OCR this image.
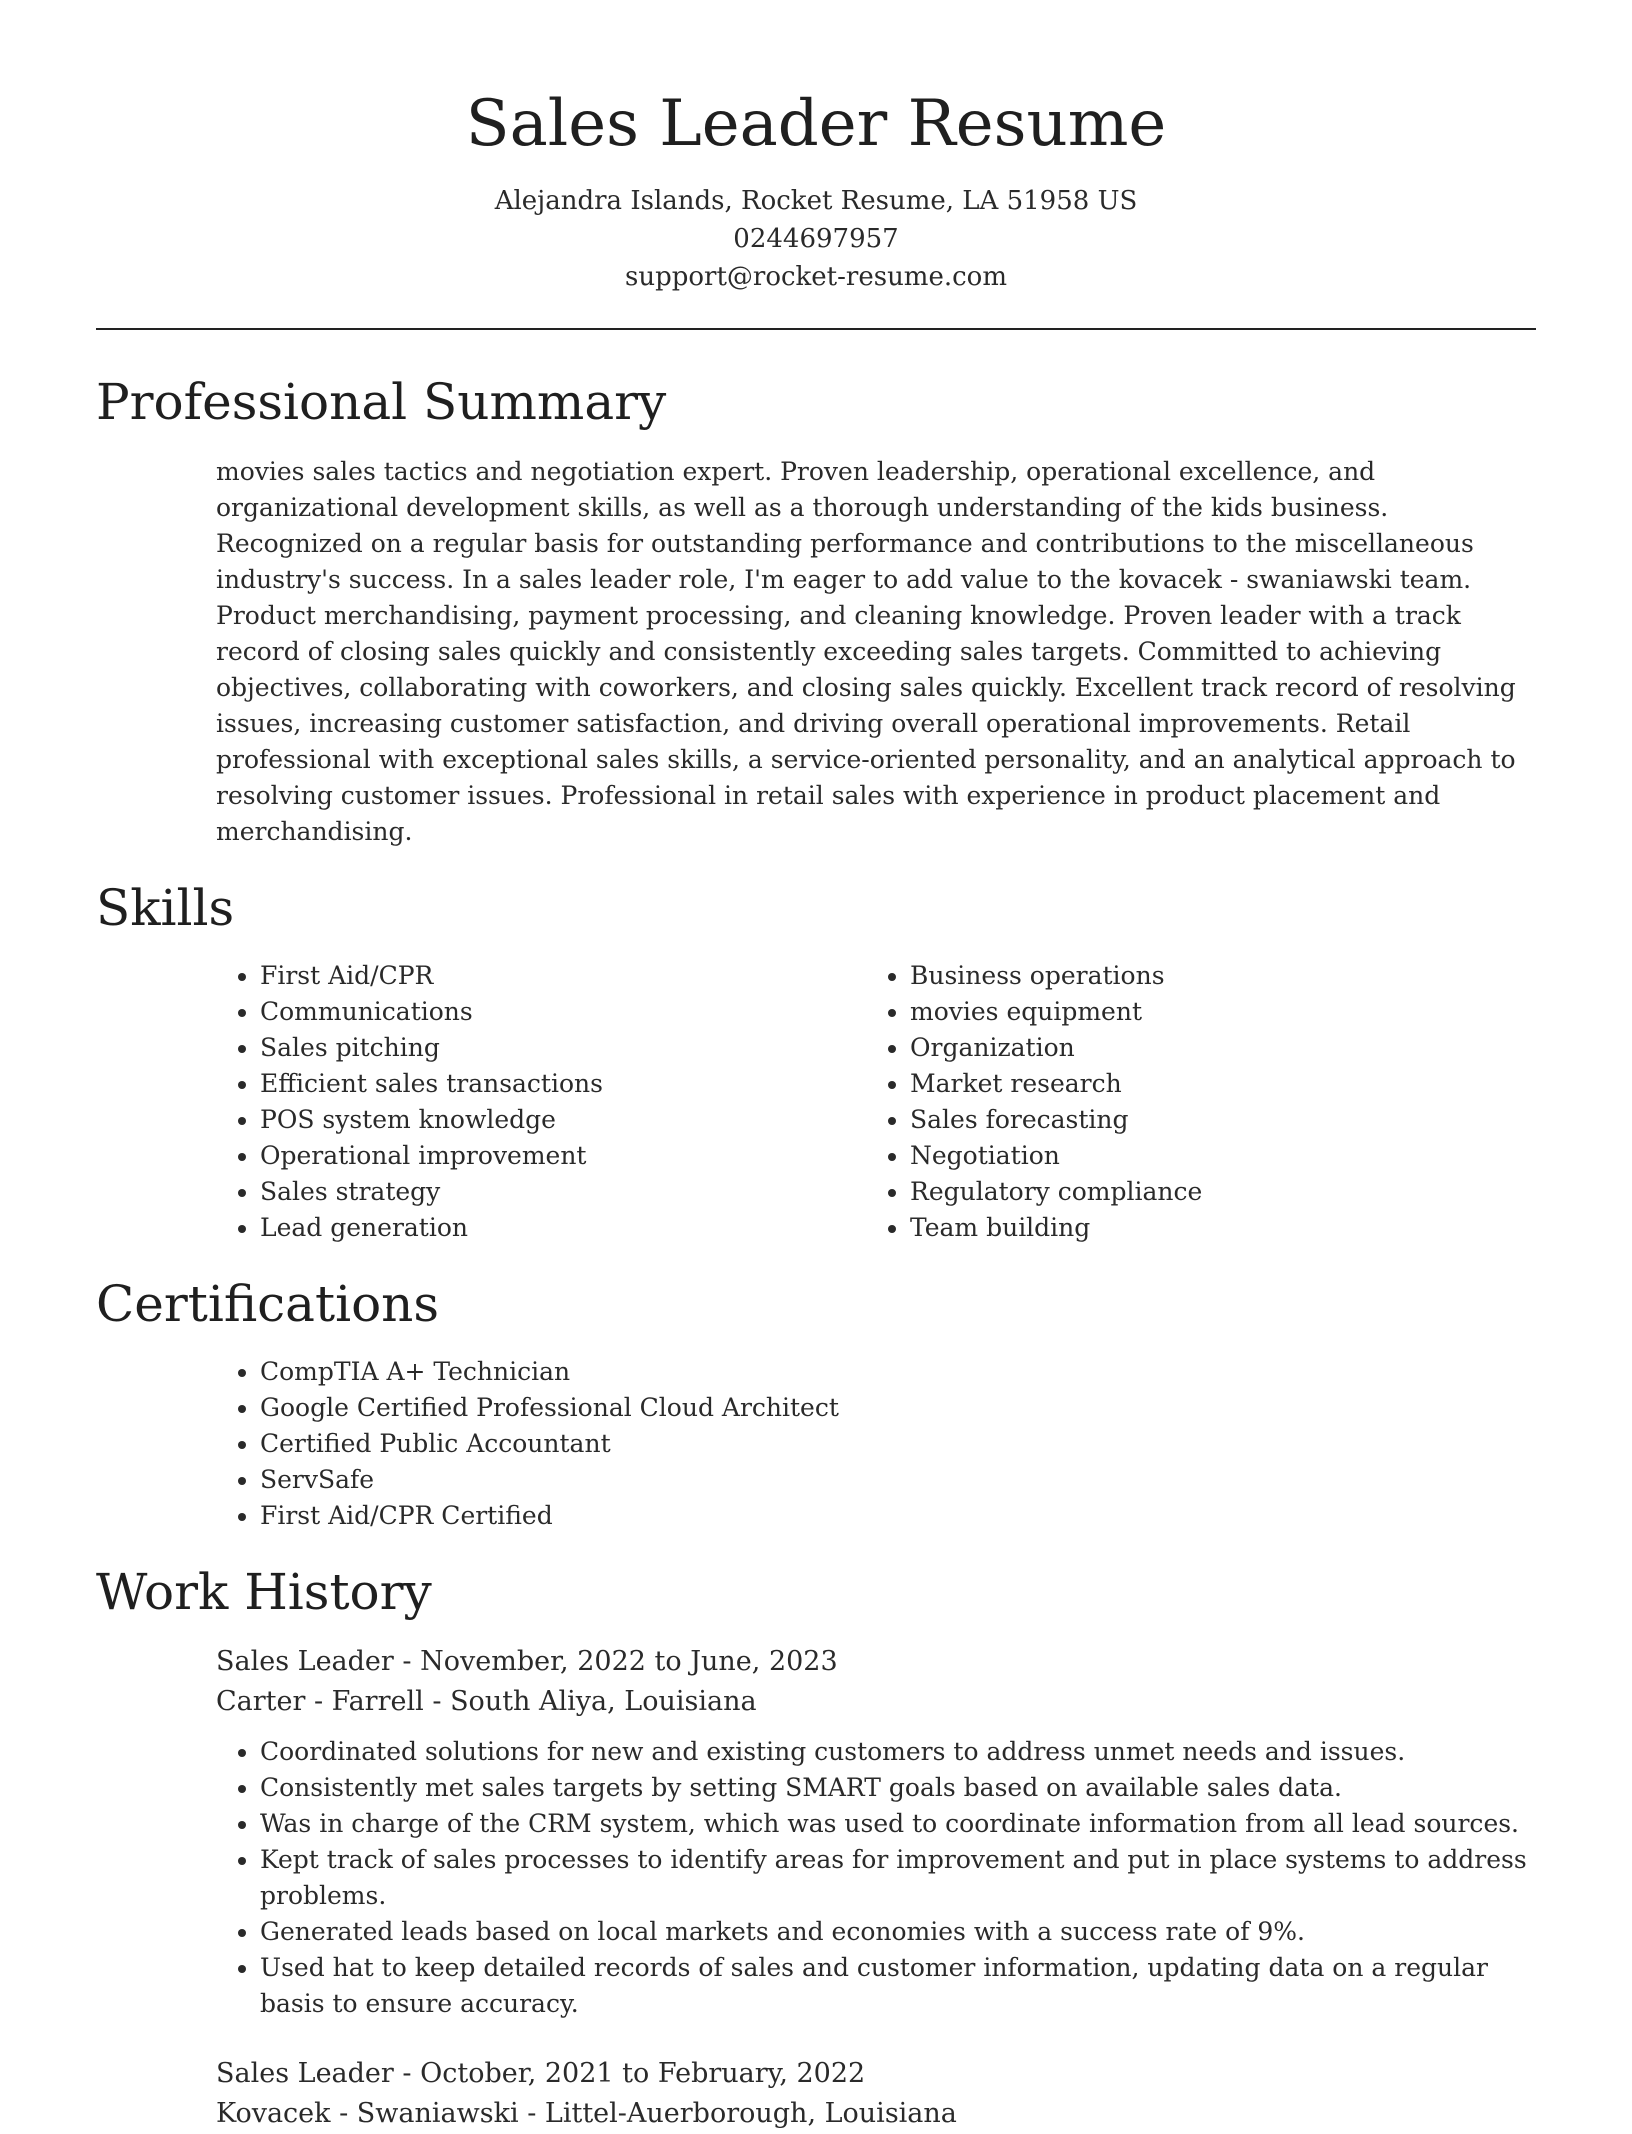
Sales Leader Resume
Alejandra Islands, Rocket Resume, LA 51958 US
0244697957
support@rocket-resume.com
Professional Summary
movies sales tactics and negotiation expert. Proven leadership, operational excellence, and organizational development skills, as well as a thorough understanding of the kids business. Recognized on a regular basis for outstanding performance and contributions to the miscellaneous industry's success. In a sales leader role, I'm eager to add value to the kovacek - swaniawski team. Product merchandising, payment processing, and cleaning knowledge. Proven leader with a track record of closing sales quickly and consistently exceeding sales targets. Committed to achieving objectives, collaborating with coworkers, and closing sales quickly. Excellent track record of resolving issues, increasing customer satisfaction, and driving overall operational improvements. Retail professional with exceptional sales skills, a service-oriented personality, and an analytical approach to resolving customer issues. Professional in retail sales with experience in product placement and merchandising.
Skills
• First Aid/CPR
• Communications
• Sales pitching
• Efficient sales transactions
• POS system knowledge
• Operational improvement
• Sales strategy
• Lead generation
• Business operations
• movies equipment
• Organization
• Market research
• Sales forecasting
• Negotiation
• Regulatory compliance
• Team building
Certifications
• CompTIA A+ Technician
• Google Certified Professional Cloud Architect
• Certified Public Accountant
• ServSafe
• First Aid/CPR Certified
Work History
Sales Leader - November, 2022 to June, 2023
Carter - Farrell - South Aliya, Louisiana
• Coordinated solutions for new and existing customers to address unmet needs and issues.
• Consistently met sales targets by setting SMART goals based on available sales data.
• Was in charge of the CRM system, which was used to coordinate information from all lead sources.
• Kept track of sales processes to identify areas for improvement and put in place systems to address problems.
• Generated leads based on local markets and economies with a success rate of 9%.
• Used hat to keep detailed records of sales and customer information, updating data on a regular basis to ensure accuracy.
Sales Leader - October, 2021 to February, 2022
Kovacek - Swaniawski - Littel-Auerborough, Louisiana
